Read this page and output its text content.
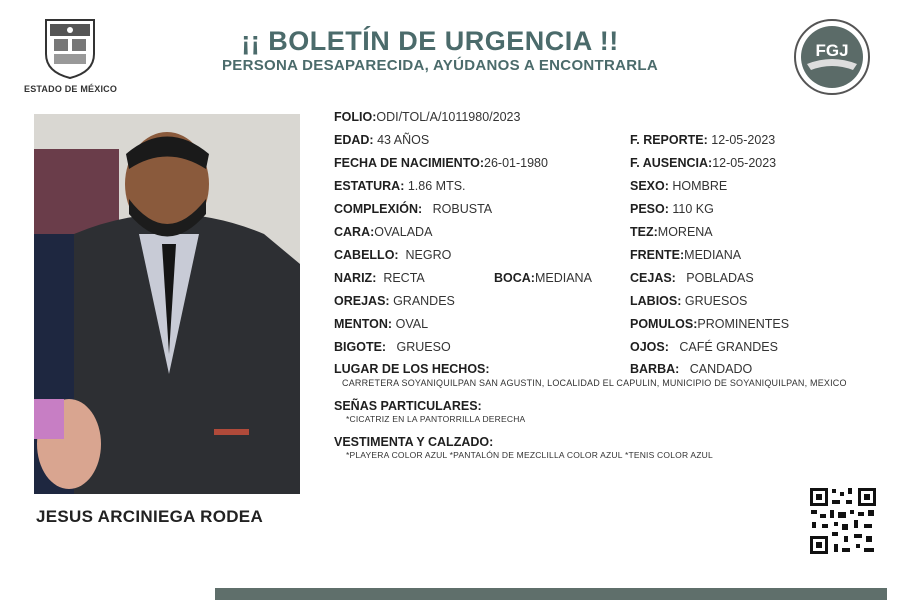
ESTADO DE MÉXICO
¡¡ BOLETÍN DE URGENCIA !!
PERSONA DESAPARECIDA, AYÚDANOS A ENCONTRARLA
FGJ
JESUS ARCINIEGA RODEA
FOLIO:ODI/TOL/A/1011980/2023
EDAD: 43 AÑOS	F. REPORTE: 12-05-2023
FECHA DE NACIMIENTO:26-01-1980	F. AUSENCIA:12-05-2023
ESTATURA: 1.86 MTS.	SEXO: HOMBRE
COMPLEXIÓN: ROBUSTA	PESO: 110 KG
CARA:OVALADA	TEZ:MORENA
CABELLO: NEGRO	FRENTE:MEDIANA
NARIZ: RECTA	BOCA:MEDIANA	CEJAS: POBLADAS
OREJAS: GRANDES	LABIOS: GRUESOS
MENTON: OVAL	POMULOS:PROMINENTES
BIGOTE: GRUESO	OJOS: CAFÉ GRANDES
LUGAR DE LOS HECHOS:	BARBA: CANDADO
CARRETERA SOYANIQUILPAN SAN AGUSTIN, LOCALIDAD EL CAPULIN, MUNICIPIO DE SOYANIQUILPAN, MEXICO
SEÑAS PARTICULARES:
*CICATRIZ EN LA PANTORRILLA DERECHA
VESTIMENTA Y CALZADO:
*PLAYERA COLOR AZUL *PANTALÓN DE MEZCLILLA COLOR AZUL *TENIS COLOR AZUL
